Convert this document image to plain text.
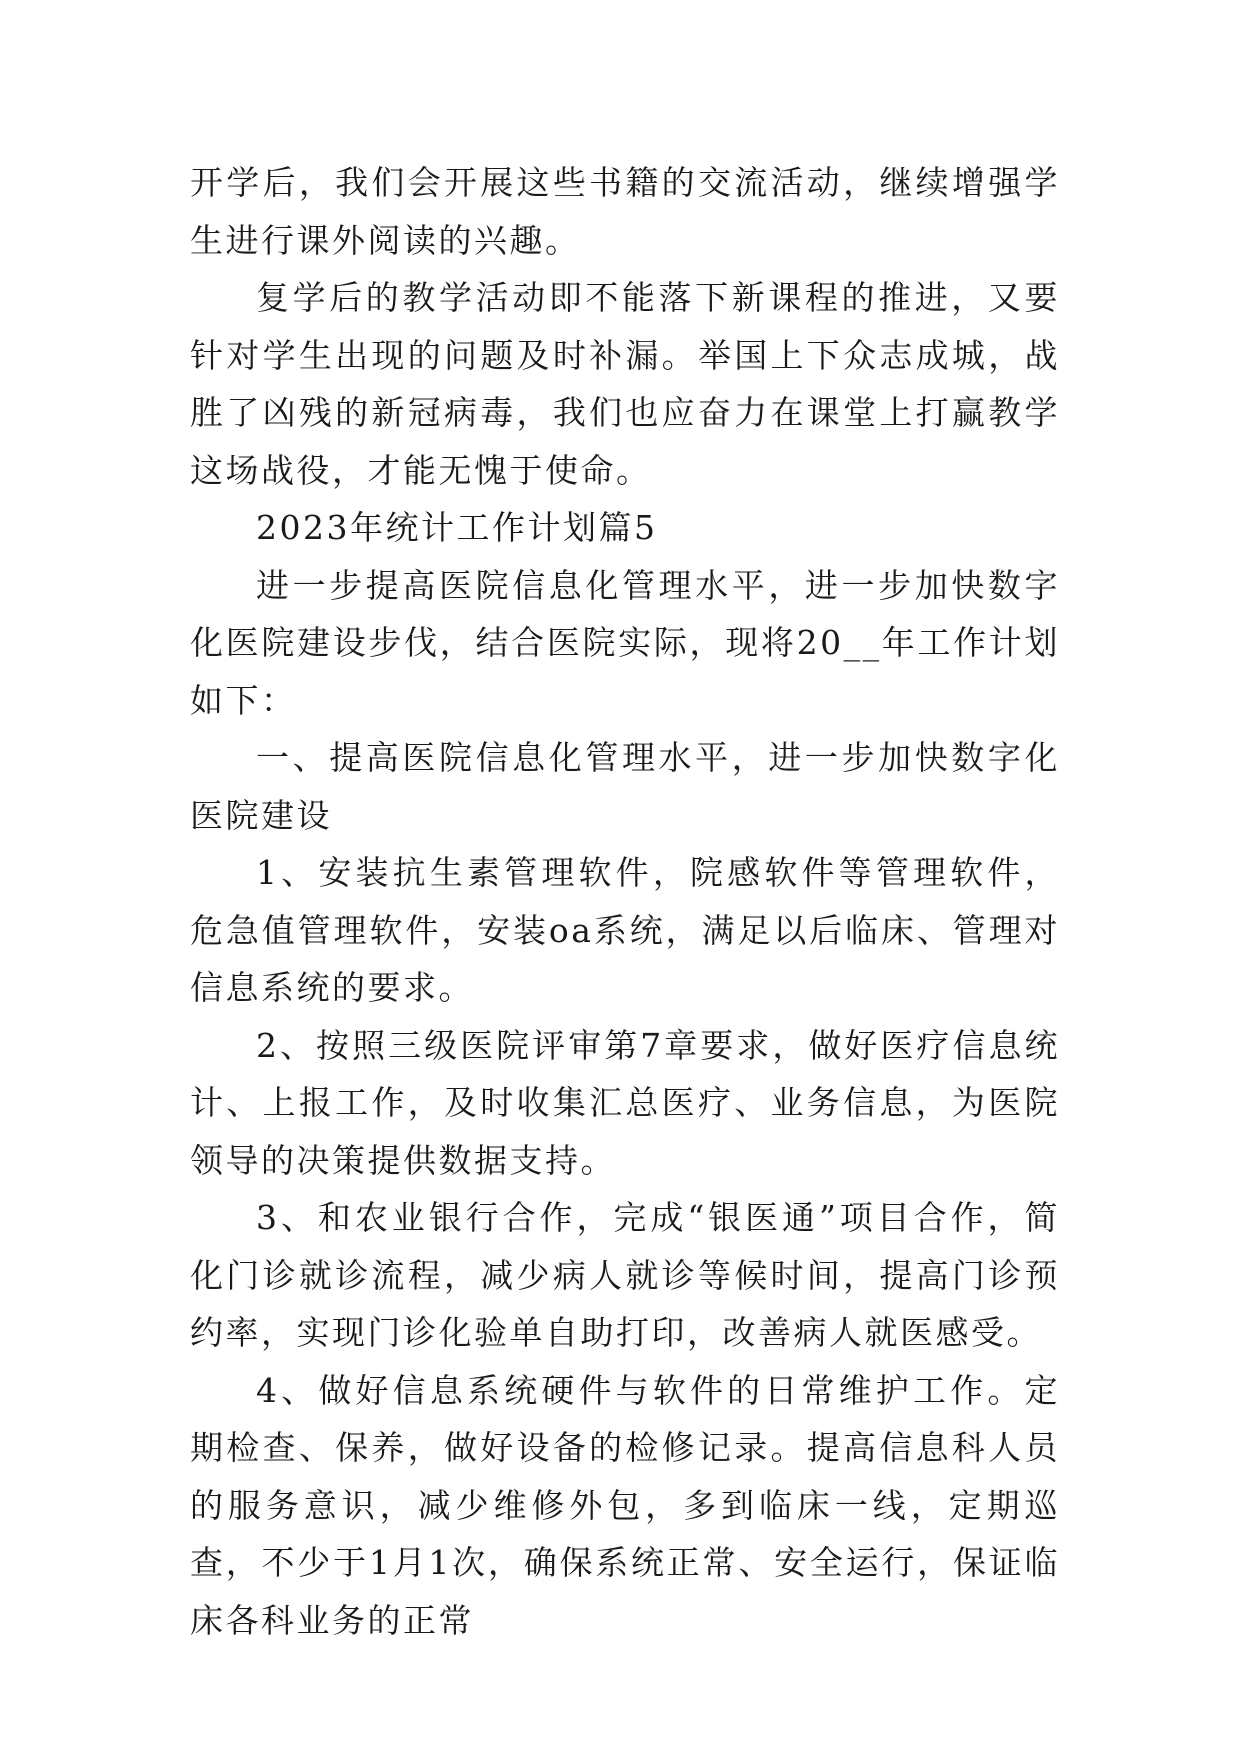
开学后，我们会开展这些书籍的交流活动，继续增强学生进行课外阅读的兴趣。

复学后的教学活动即不能落下新课程的推进，又要针对学生出现的问题及时补漏。举国上下众志成城，战胜了凶残的新冠病毒，我们也应奋力在课堂上打赢教学这场战役，才能无愧于使命。

2023年统计工作计划篇5

进一步提高医院信息化管理水平，进一步加快数字化医院建设步伐，结合医院实际，现将20__年工作计划如下：

一、提高医院信息化管理水平，进一步加快数字化医院建设

1、安装抗生素管理软件，院感软件等管理软件，危急值管理软件，安装oa系统，满足以后临床、管理对信息系统的要求。

2、按照三级医院评审第7章要求，做好医疗信息统计、上报工作，及时收集汇总医疗、业务信息，为医院领导的决策提供数据支持。

3、和农业银行合作，完成“银医通”项目合作，简化门诊就诊流程，减少病人就诊等候时间，提高门诊预约率，实现门诊化验单自助打印，改善病人就医感受。

4、做好信息系统硬件与软件的日常维护工作。定期检查、保养，做好设备的检修记录。提高信息科人员的服务意识，减少维修外包，多到临床一线，定期巡查，不少于1月1次，确保系统正常、安全运行，保证临床各科业务的正常
